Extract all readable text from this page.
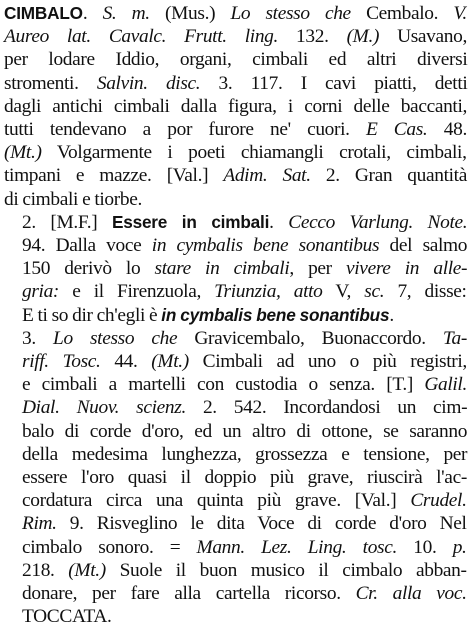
CIMBALO. S. m. (Mus.) Lo stesso che Cembalo. V.
Aureo lat. Cavalc. Frutt. ling. 132. (M.) Usavano,
per lodare Iddio, organi, cimbali ed altri diversi
stromenti. Salvin. disc. 3. 117. I cavi piatti, detti
dagli antichi cimbali dalla figura, i corni delle baccanti,
tutti tendevano a por furore ne' cuori. E Cas. 48.
(Mt.) Volgarmente i poeti chiamangli crotali, cimbali,
timpani e mazze. [Val.] Adim. Sat. 2. Gran quantità
di cimbali e tiorbe.
2. [M.F.] Essere in cimbali. Cecco Varlung. Note.
94. Dalla voce in cymbalis bene sonantibus del salmo
150 derivò lo stare in cimbali, per vivere in alle-
gria: e il Firenzuola, Triunzia, atto V, sc. 7, disse:
E ti so dir ch'egli è in cymbalis bene sonantibus.
3. Lo stesso che Gravicembalo, Buonaccordo. Ta-
riff. Tosc. 44. (Mt.) Cimbali ad uno o più registri,
e cimbali a martelli con custodia o senza. [T.] Galil.
Dial. Nuov. scienz. 2. 542. Incordandosi un cim-
balo di corde d'oro, ed un altro di ottone, se saranno
della medesima lunghezza, grossezza e tensione, per
essere l'oro quasi il doppio più grave, riuscirà l'ac-
cordatura circa una quinta più grave. [Val.] Crudel.
Rim. 9. Risveglino le dita Voce di corde d'oro Nel
cimbalo sonoro. = Mann. Lez. Ling. tosc. 10. p.
218. (Mt.) Suole il buon musico il cimbalo abban-
donare, per fare alla cartella ricorso. Cr. alla voc.
TOCCATA.
